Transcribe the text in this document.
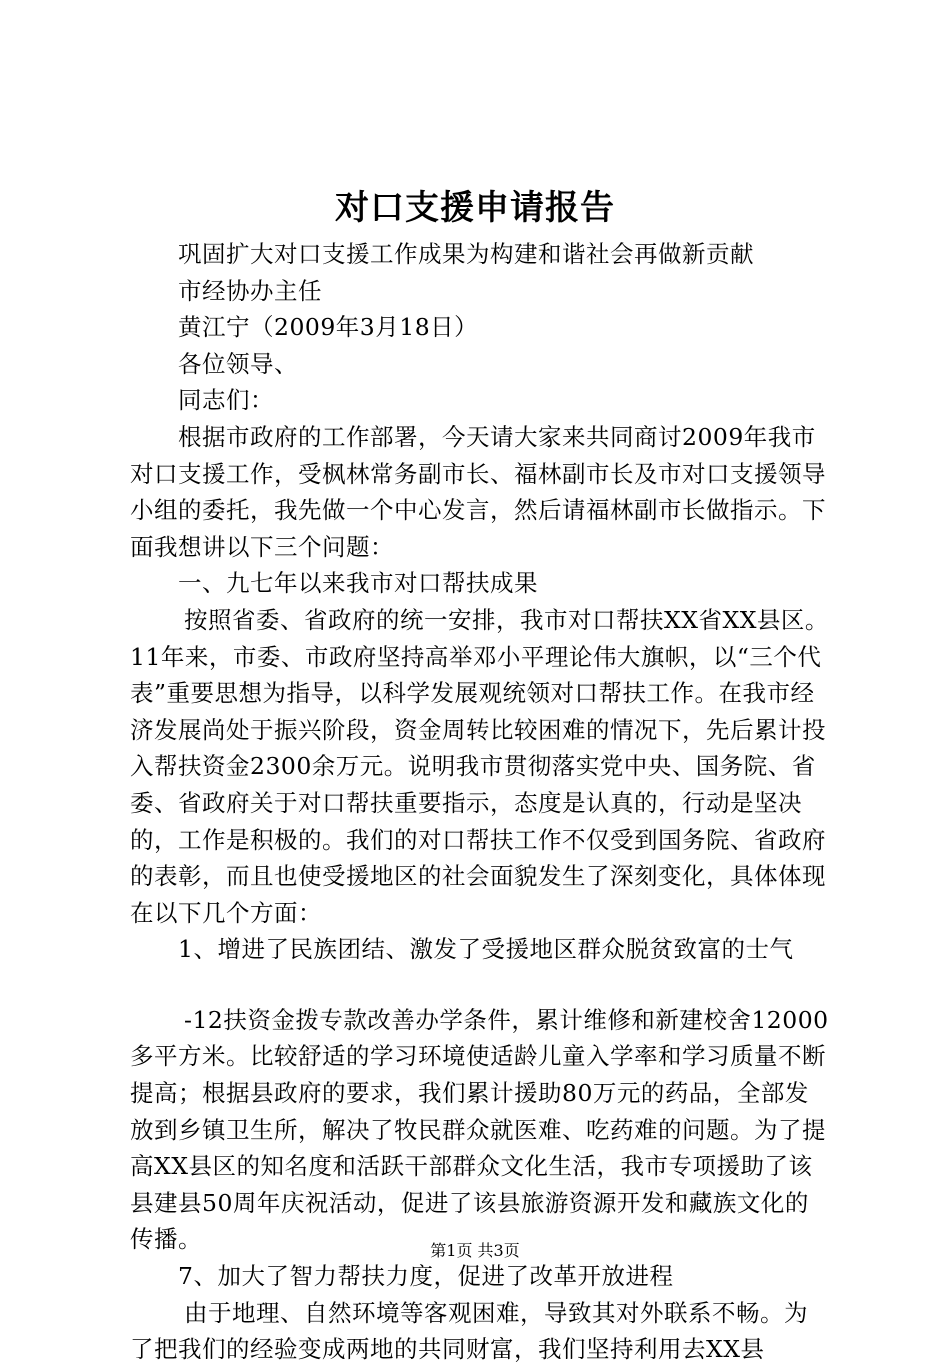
对口支援申请报告

巩固扩大对口支援工作成果为构建和谐社会再做新贡献

市经协办主任

黄江宁（2009年3月18日）

各位领导、

同志们：

根据市政府的工作部署，今天请大家来共同商讨2009年我市对口支援工作，受枫林常务副市长、福林副市长及市对口支援领导小组的委托，我先做一个中心发言，然后请福林副市长做指示。下面我想讲以下三个问题：

一、九七年以来我市对口帮扶成果

按照省委、省政府的统一安排，我市对口帮扶XX省XX县区。11年来，市委、市政府坚持高举邓小平理论伟大旗帜，以“三个代表”重要思想为指导，以科学发展观统领对口帮扶工作。在我市经济发展尚处于振兴阶段，资金周转比较困难的情况下，先后累计投入帮扶资金2300余万元。说明我市贯彻落实党中央、国务院、省委、省政府关于对口帮扶重要指示，态度是认真的，行动是坚决的，工作是积极的。我们的对口帮扶工作不仅受到国务院、省政府的表彰，而且也使受援地区的社会面貌发生了深刻变化，具体体现在以下几个方面：

1、增进了民族团结、激发了受援地区群众脱贫致富的士气

-12扶资金拨专款改善办学条件，累计维修和新建校舍12000多平方米。比较舒适的学习环境使适龄儿童入学率和学习质量不断提高；根据县政府的要求，我们累计援助80万元的药品，全部发放到乡镇卫生所，解决了牧民群众就医难、吃药难的问题。为了提高XX县区的知名度和活跃干部群众文化生活，我市专项援助了该县建县50周年庆祝活动，促进了该县旅游资源开发和藏族文化的传播。

7、加大了智力帮扶力度，促进了改革开放进程

由于地理、自然环境等客观困难，导致其对外联系不畅。为了把我们的经验变成两地的共同财富，我们坚持利用去XX县

第1页 共3页
